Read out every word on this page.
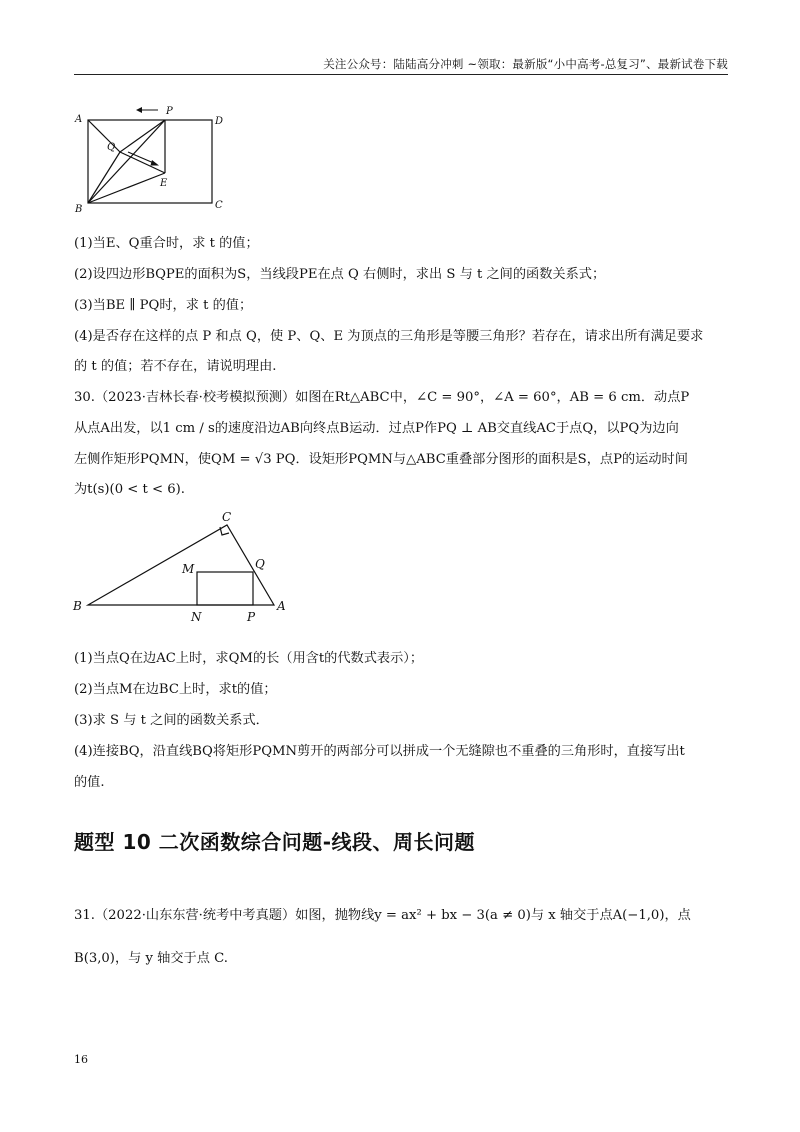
关注公众号：陆陆高分冲刺 ~领取：最新版“小中高考-总复习”、最新试卷下载
A
P
D
Q
E
B	C
(1)当E、Q重合时，求 t 的值；
(2)设四边形BQPE的面积为S，当线段PE在点 Q 右侧时，求出 S 与 t 之间的函数关系式；
(3)当BE ∥ PQ时，求 t 的值；
(4)是否存在这样的点 P 和点 Q，使 P、Q、E 为顶点的三角形是等腰三角形？若存在，请求出所有满足要求
的 t 的值；若不存在，请说明理由.
30.（2023·吉林长春·校考模拟预测）如图在Rt△ABC中，∠C = 90°，∠A = 60°，AB = 6 cm．动点P
从点A出发，以1 cm / s的速度沿边AB向终点B运动．过点P作PQ ⊥ AB交直线AC于点Q，以PQ为边向
左侧作矩形PQMN，使QM = √3 PQ．设矩形PQMN与△ABC重叠部分图形的面积是S，点P的运动时间
为t(s)(0 < t < 6).
C
M	Q
B
N	P
A
(1)当点Q在边AC上时，求QM的长（用含t的代数式表示）；
(2)当点M在边BC上时，求t的值；
(3)求 S 与 t 之间的函数关系式．
(4)连接BQ，沿直线BQ将矩形PQMN剪开的两部分可以拼成一个无缝隙也不重叠的三角形时，直接写出t
的值.
题型 10 二次函数综合问题-线段、周长问题
31.（2022·山东东营·统考中考真题）如图，抛物线y = ax² + bx − 3(a ≠ 0)与 x 轴交于点A(−1,0)，点
B(3,0)，与 y 轴交于点 C.
16
